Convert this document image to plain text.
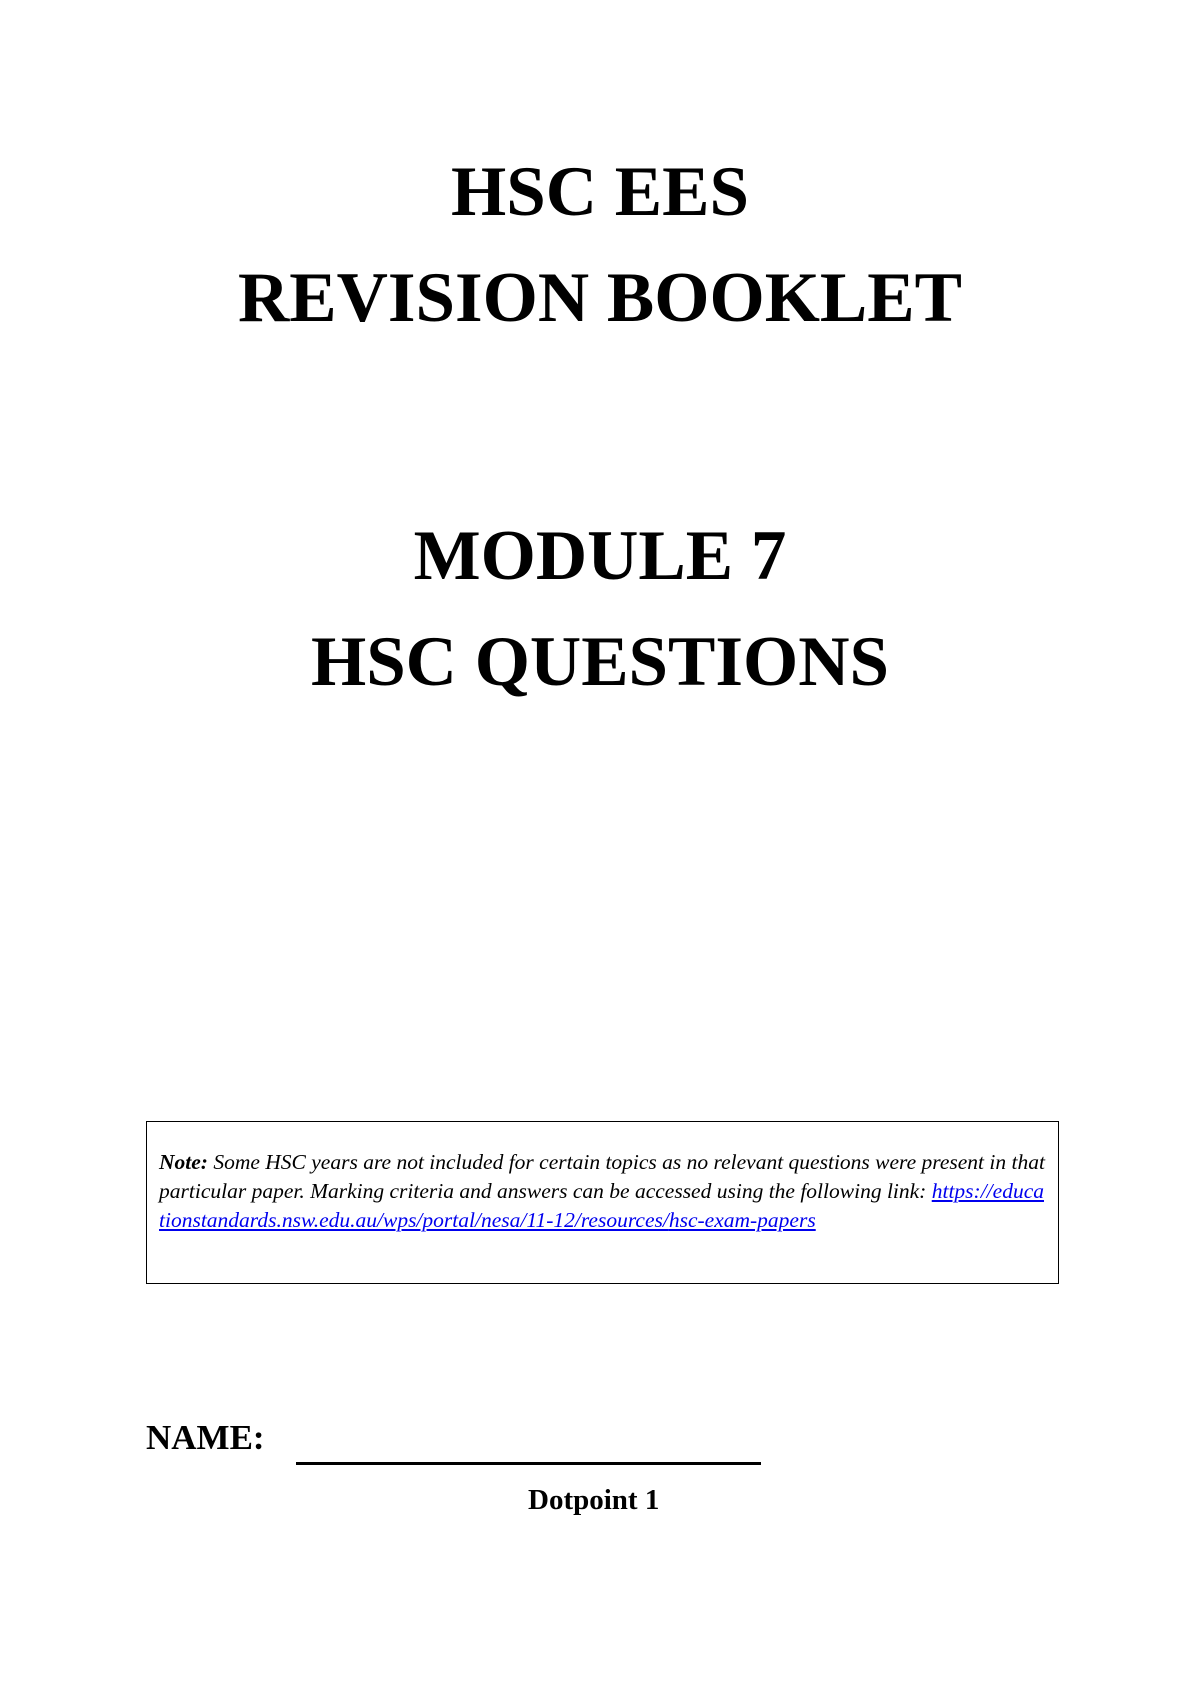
HSC EES
REVISION BOOKLET
MODULE 7
HSC QUESTIONS
Note: Some HSC years are not included for certain topics as no relevant questions were present in that particular paper. Marking criteria and answers can be accessed using the following link: https://educationstandards.nsw.edu.au/wps/portal/nesa/11-12/resources/hsc-exam-papers
NAME:
Dotpoint 1
